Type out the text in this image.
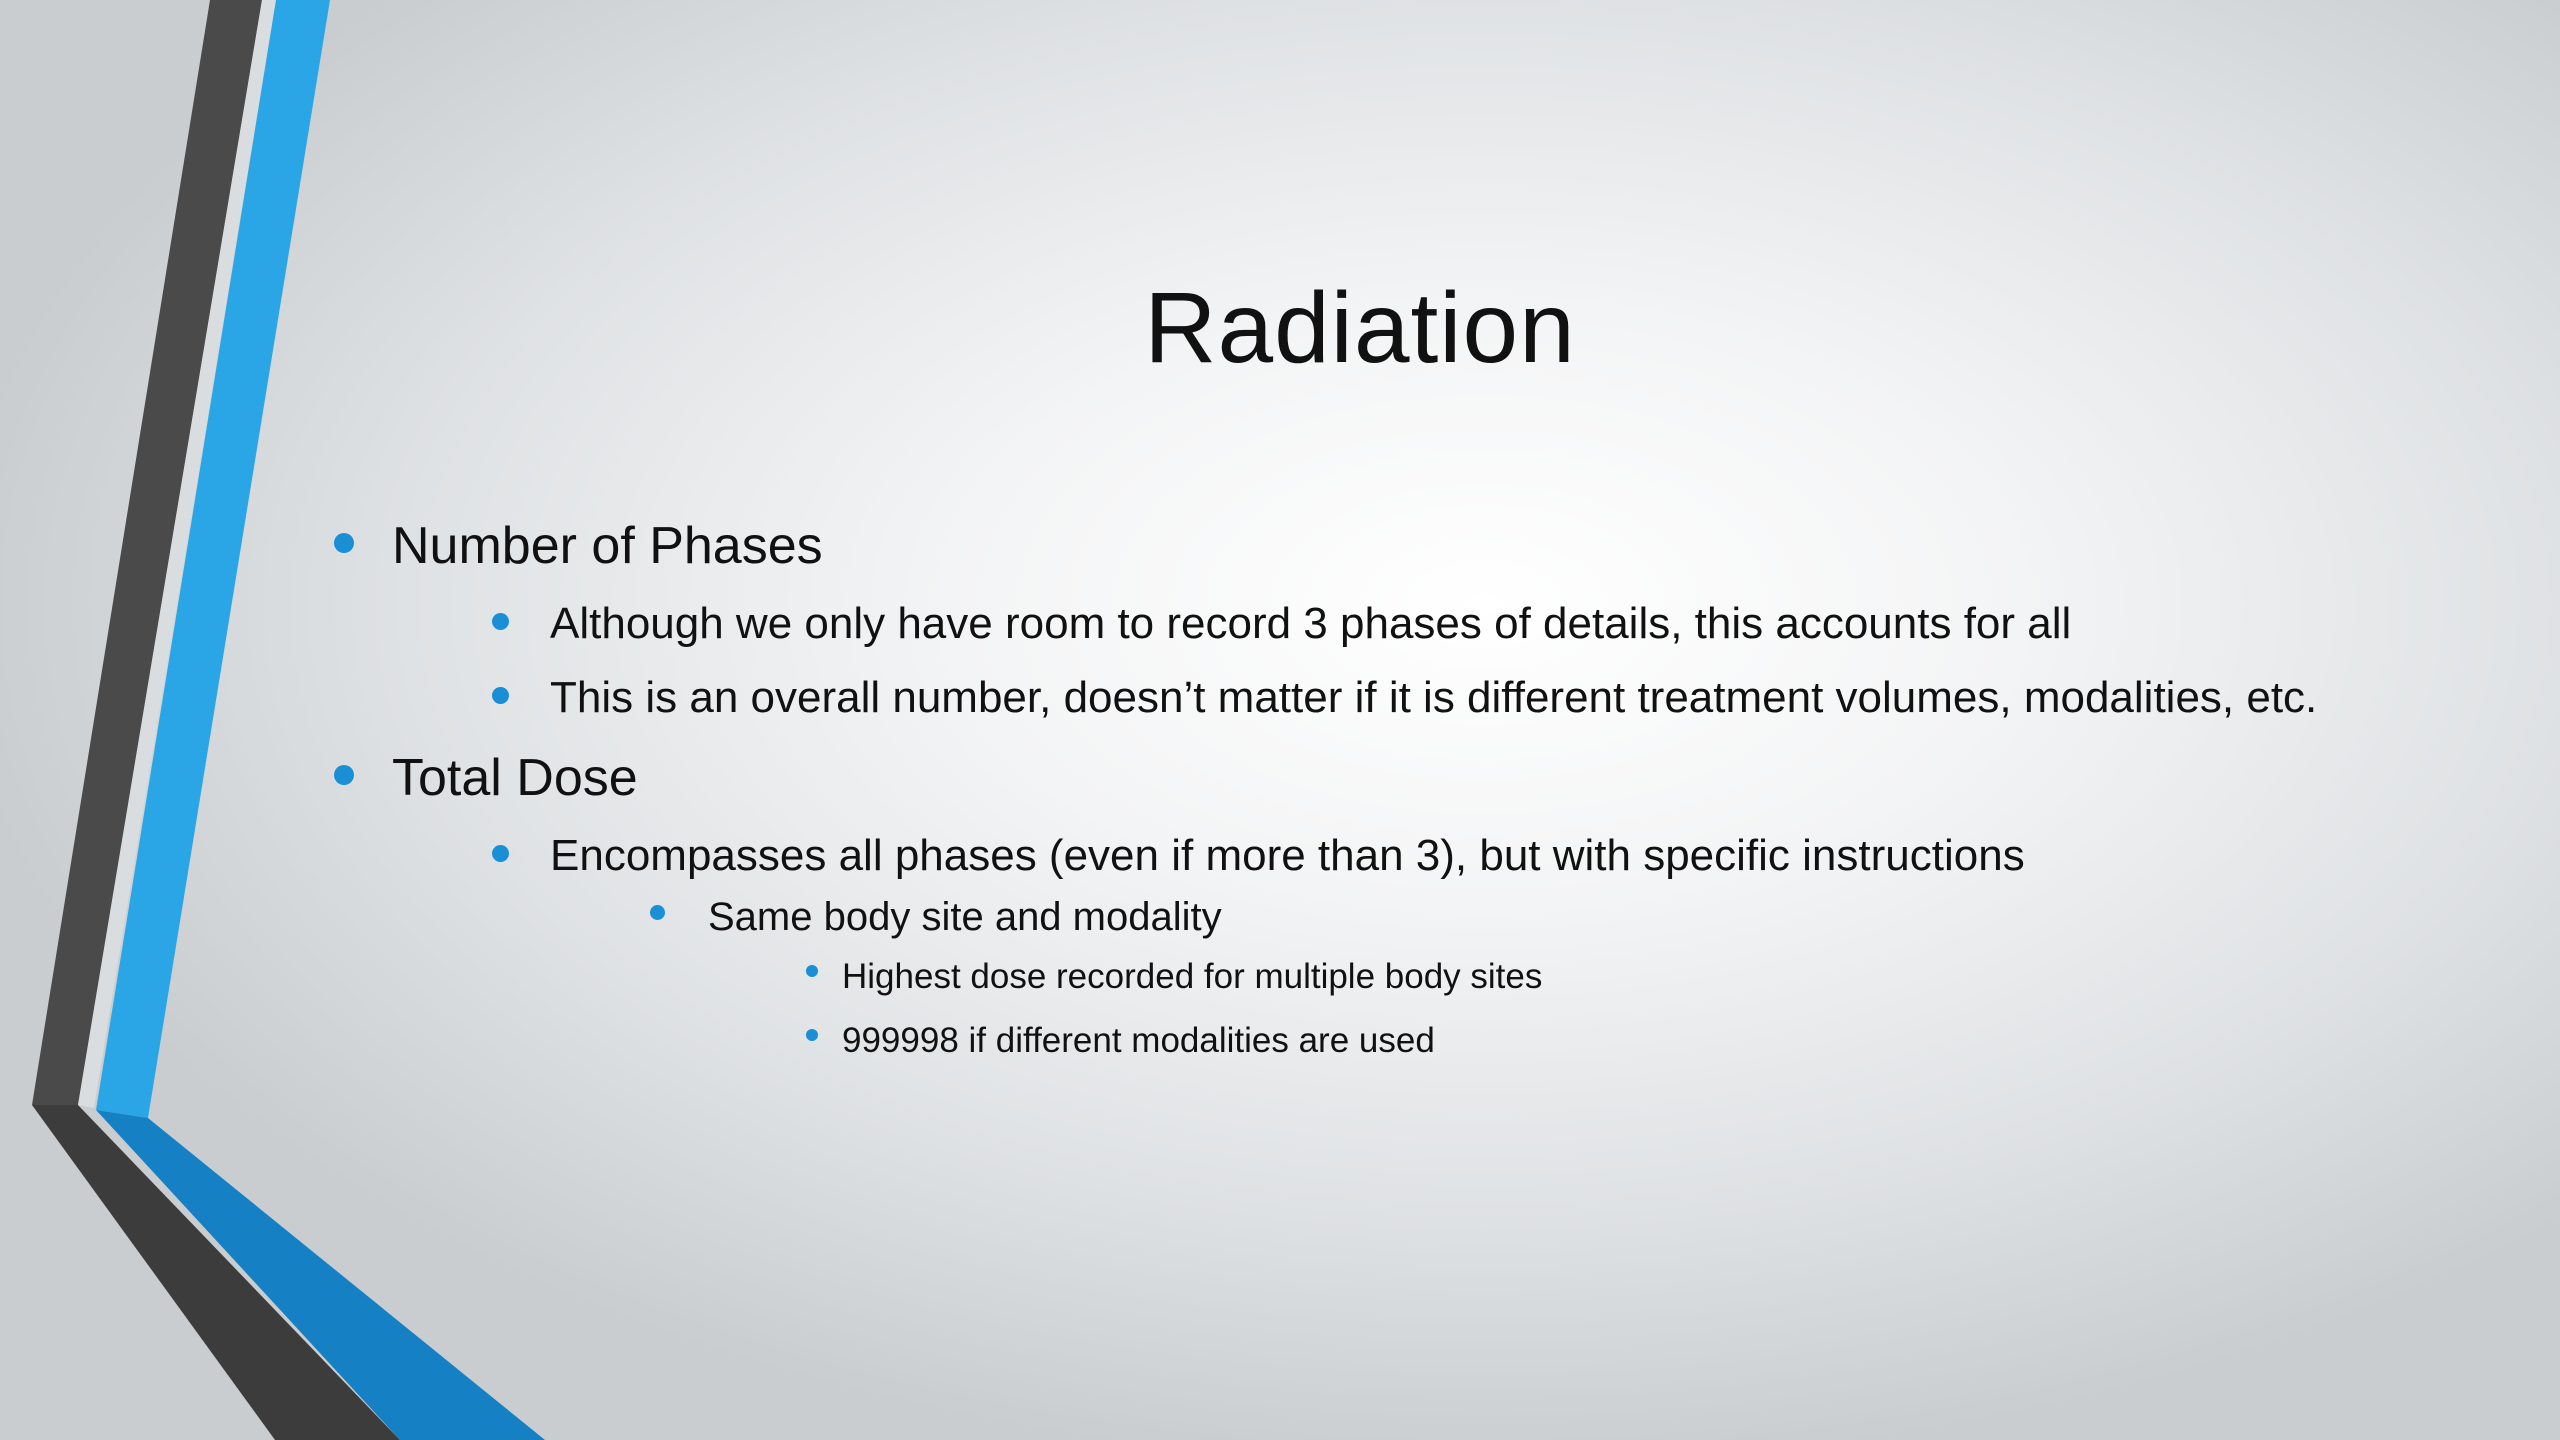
Radiation
Number of Phases
Although we only have room to record 3 phases of details, this accounts for all
This is an overall number, doesn’t matter if it is different treatment volumes, modalities, etc.
Total Dose
Encompasses all phases (even if more than 3), but with specific instructions
Same body site and modality
Highest dose recorded for multiple body sites
999998 if different modalities are used
